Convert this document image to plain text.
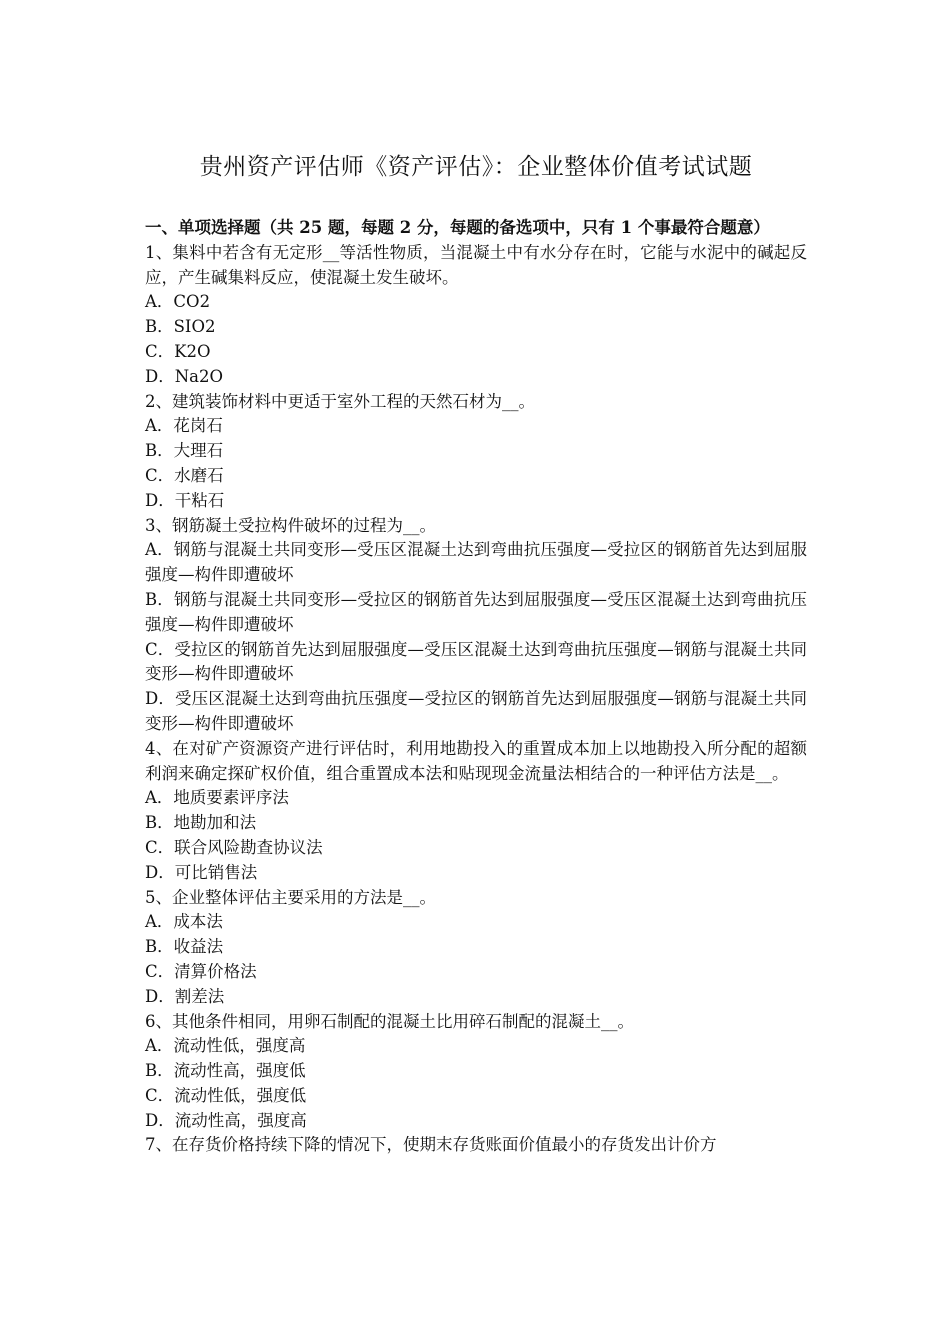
贵州资产评估师《资产评估》：企业整体价值考试试题

一、单项选择题（共 25 题，每题 2 分，每题的备选项中，只有 1 个事最符合题意）

1、集料中若含有无定形__等活性物质，当混凝土中有水分存在时，它能与水泥中的碱起反应，产生碱集料反应，使混凝土发生破坏。

A．CO2

B．SIO2

C．K2O

D．Na2O

2、建筑装饰材料中更适于室外工程的天然石材为__。

A．花岗石

B．大理石

C．水磨石

D．干粘石

3、钢筋凝土受拉构件破坏的过程为__。

A．钢筋与混凝土共同变形—受压区混凝土达到弯曲抗压强度—受拉区的钢筋首先达到屈服强度—构件即遭破坏

B．钢筋与混凝土共同变形—受拉区的钢筋首先达到屈服强度—受压区混凝土达到弯曲抗压强度—构件即遭破坏

C．受拉区的钢筋首先达到屈服强度—受压区混凝土达到弯曲抗压强度—钢筋与混凝土共同变形—构件即遭破坏

D．受压区混凝土达到弯曲抗压强度—受拉区的钢筋首先达到屈服强度—钢筋与混凝土共同变形—构件即遭破坏

4、在对矿产资源资产进行评估时，利用地勘投入的重置成本加上以地勘投入所分配的超额利润来确定探矿权价值，组合重置成本法和贴现现金流量法相结合的一种评估方法是__。

A．地质要素评序法

B．地勘加和法

C．联合风险勘查协议法

D．可比销售法

5、企业整体评估主要采用的方法是__。

A．成本法

B．收益法

C．清算价格法

D．割差法

6、其他条件相同，用卵石制配的混凝土比用碎石制配的混凝土__。

A．流动性低，强度高

B．流动性高，强度低

C．流动性低，强度低

D．流动性高，强度高

7、在存货价格持续下降的情况下，使期末存货账面价值最小的存货发出计价方
